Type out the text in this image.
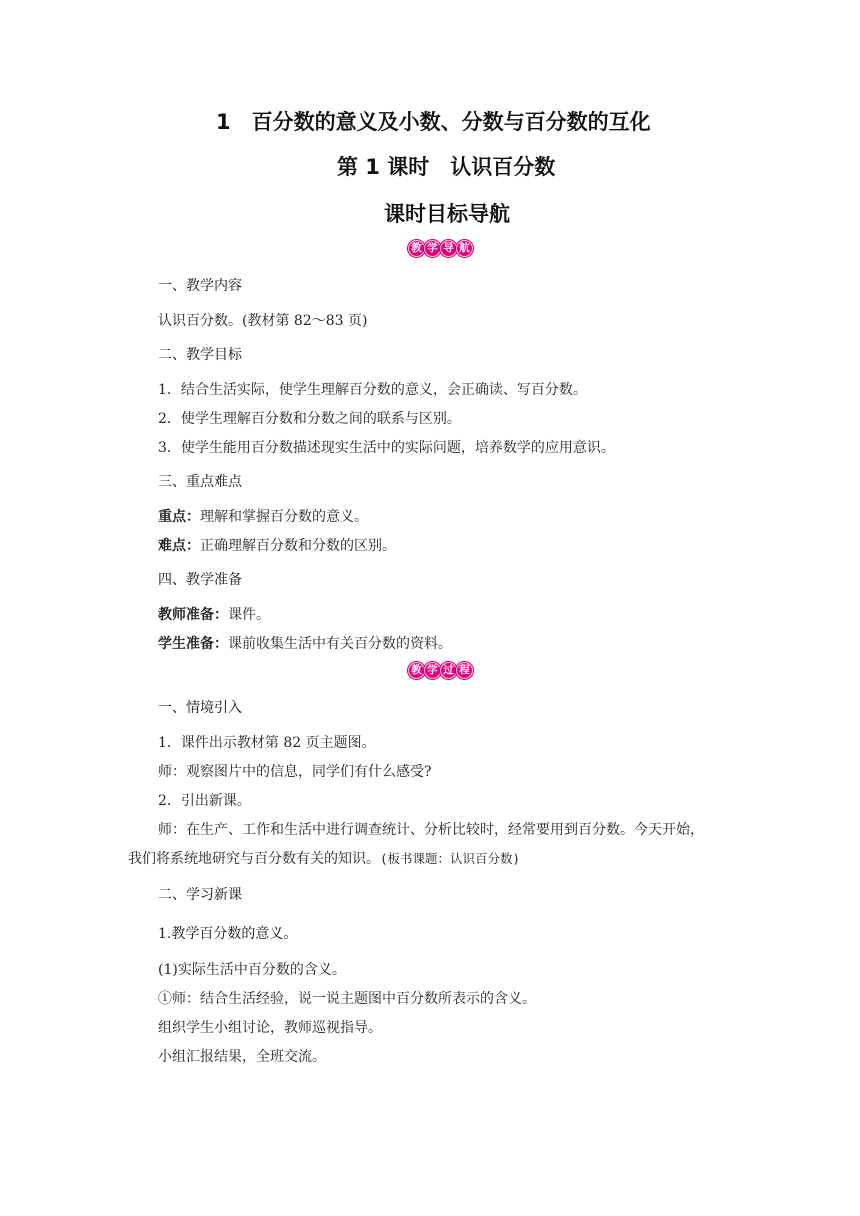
1　百分数的意义及小数、分数与百分数的互化
第 1 课时　认识百分数
课时目标导航
教 学 导 航
一、教学内容
认识百分数。(教材第 82～83 页)
二、教学目标
1．结合生活实际，使学生理解百分数的意义，会正确读、写百分数。
2．使学生理解百分数和分数之间的联系与区别。
3．使学生能用百分数描述现实生活中的实际问题，培养数学的应用意识。
三、重点难点
重点：理解和掌握百分数的意义。
难点：正确理解百分数和分数的区别。
四、教学准备
教师准备：课件。
学生准备：课前收集生活中有关百分数的资料。
教 学 过 程
一、情境引入
1．课件出示教材第 82 页主题图。
师：观察图片中的信息，同学们有什么感受?
2．引出新课。
师：在生产、工作和生活中进行调查统计、分析比较时，经常要用到百分数。今天开始，
我们将系统地研究与百分数有关的知识。(板书课题：认识百分数)
二、学习新课
1.教学百分数的意义。
(1)实际生活中百分数的含义。
①师：结合生活经验，说一说主题图中百分数所表示的含义。
组织学生小组讨论，教师巡视指导。
小组汇报结果，全班交流。
